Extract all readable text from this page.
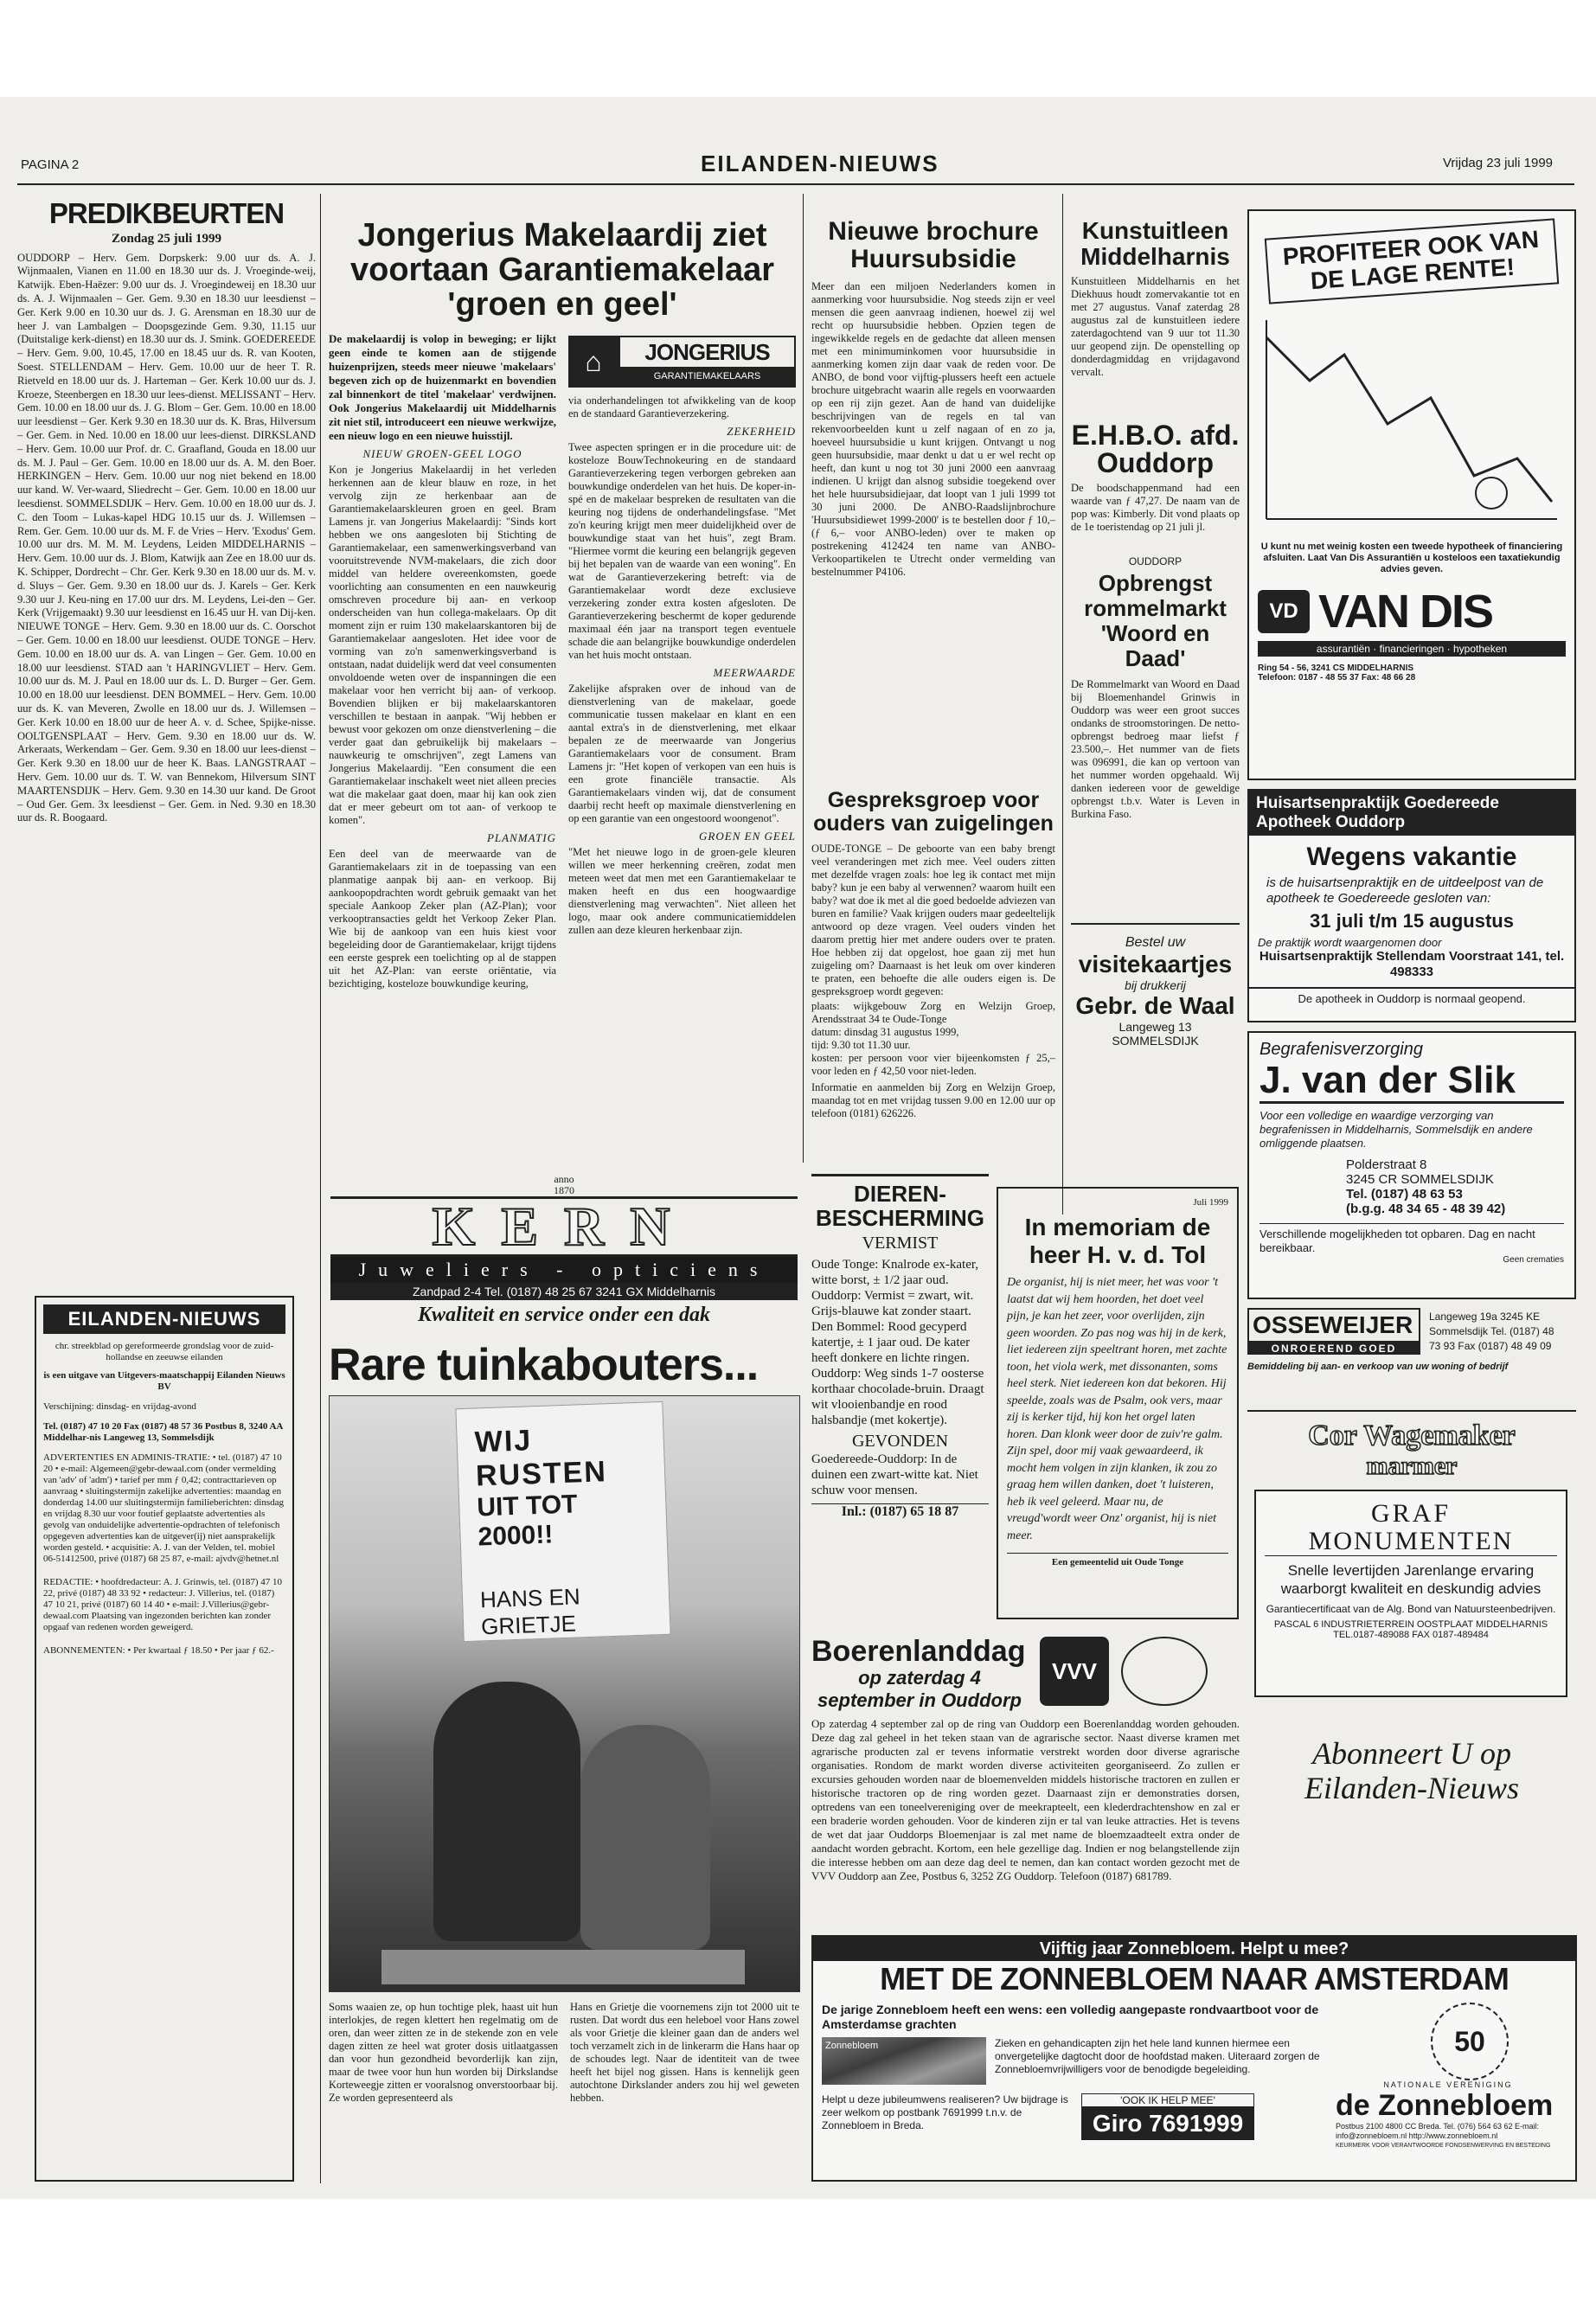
PAGINA 2	EILANDEN-NIEUWS	Vrijdag 23 juli 1999
PREDIKBEURTEN
Zondag 25 juli 1999
OUDDORP – Herv. Gem. Dorpskerk: 9.00 uur ds. A. J. Wijnmaalen, Vianen en 11.00 en 18.30 uur ds. J. Vroeginde-weij, Katwijk. Eben-Haëzer: 9.00 uur ds. J. Vroegindeweij en 18.30 uur ds. A. J. Wijnmaalen – Ger. Gem. 9.30 en 18.30 uur leesdienst – Ger. Kerk 9.00 en 10.30 uur ds. J. G. Arensman en 18.30 uur de heer J. van Lambalgen – Doopsgezinde Gem. 9.30, 11.15 uur (Duitstalige kerk-dienst) en 18.30 uur ds. J. Smink. GOEDEREEDE – Herv. Gem. 9.00, 10.45, 17.00 en 18.45 uur ds. R. van Kooten, Soest. STELLENDAM – Herv. Gem. 10.00 uur de heer T. R. Rietveld en 18.00 uur ds. J. Harteman – Ger. Kerk 10.00 uur ds. J. Kroeze, Steenbergen en 18.30 uur lees-dienst. MELISSANT – Herv. Gem. 10.00 en 18.00 uur ds. J. G. Blom – Ger. Gem. 10.00 en 18.00 uur leesdienst – Ger. Kerk 9.30 en 18.30 uur ds. K. Bras, Hilversum – Ger. Gem. in Ned. 10.00 en 18.00 uur lees-dienst. DIRKSLAND – Herv. Gem. 10.00 uur Prof. dr. C. Graafland, Gouda en 18.00 uur ds. M. J. Paul – Ger. Gem. 10.00 en 18.00 uur ds. A. M. den Boer. HERKINGEN – Herv. Gem. 10.00 uur nog niet bekend en 18.00 uur kand. W. Ver-waard, Sliedrecht – Ger. Gem. 10.00 en 18.00 uur leesdienst. SOMMELSDIJK – Herv. Gem. 10.00 en 18.00 uur ds. J. C. den Toom – Lukas-kapel HDG 10.15 uur ds. J. Willemsen – Rem. Ger. Gem. 10.00 uur ds. M. F. de Vries – Herv. 'Exodus' Gem. 10.00 uur drs. M. M. M. Leydens, Leiden MIDDELHARNIS – Herv. Gem. 10.00 uur ds. J. Blom, Katwijk aan Zee en 18.00 uur ds. K. Schipper, Dordrecht – Chr. Ger. Kerk 9.30 en 18.00 uur ds. M. v. d. Sluys – Ger. Gem. 9.30 en 18.00 uur ds. J. Karels – Ger. Kerk 9.30 uur J. Keu-ning en 17.00 uur drs. M. Leydens, Lei-den – Ger. Kerk (Vrijgemaakt) 9.30 uur leesdienst en 16.45 uur H. van Dij-ken. NIEUWE TONGE – Herv. Gem. 9.30 en 18.00 uur ds. C. Oorschot – Ger. Gem. 10.00 en 18.00 uur leesdienst. OUDE TONGE – Herv. Gem. 10.00 en 18.00 uur ds. A. van Lingen – Ger. Gem. 10.00 en 18.00 uur leesdienst. STAD aan 't HARINGVLIET – Herv. Gem. 10.00 uur ds. M. J. Paul en 18.00 uur ds. L. D. Burger – Ger. Gem. 10.00 en 18.00 uur leesdienst. DEN BOMMEL – Herv. Gem. 10.00 uur ds. K. van Meveren, Zwolle en 18.00 uur ds. J. Willemsen – Ger. Kerk 10.00 en 18.00 uur de heer A. v. d. Schee, Spijke-nisse. OOLTGENSPLAAT – Herv. Gem. 9.30 en 18.00 uur ds. W. Arkeraats, Werkendam – Ger. Gem. 9.30 en 18.00 uur lees-dienst – Ger. Kerk 9.30 en 18.00 uur de heer K. Baas. LANGSTRAAT – Herv. Gem. 10.00 uur ds. T. W. van Bennekom, Hilversum SINT MAARTENSDIJK – Herv. Gem. 9.30 en 14.30 uur kand. De Groot – Oud Ger. Gem. 3x leesdienst – Ger. Gem. in Ned. 9.30 en 18.30 uur ds. R. Boogaard.
EILANDEN-NIEUWS
chr. streekblad op gereformeerde grondslag voor de zuid-hollandse en zeeuwse eilanden
is een uitgave van Uitgevers-maatschappij Eilanden Nieuws BV
Verschijning: dinsdag- en vrijdag-avond
Tel. (0187) 47 10 20 Fax (0187) 48 57 36 Postbus 8, 3240 AA Middelhar-nis Langeweg 13, Sommelsdijk
ADVERTENTIES EN ADMINIS-TRATIE: • tel. (0187) 47 10 20 • e-mail: Algemeen@gebr-dewaal.com (onder vermelding van 'adv' of 'adm') • tarief per mm ƒ 0,42; contracttarieven op aanvraag • sluitingstermijn zakelijke advertenties: maandag en donderdag 14.00 uur sluitingstermijn familieberichten: dinsdag en vrijdag 8.30 uur voor foutief geplaatste advertenties als gevolg van onduidelijke advertentie-opdrachten of telefonisch opgegeven advertenties kan de uitgever(ij) niet aansprakelijk worden gesteld. • acquisitie: A. J. van der Velden, tel. mobiel 06-51412500, privé (0187) 68 25 87, e-mail: ajvdv@hetnet.nl
REDACTIE: • hoofdredacteur: A. J. Grinwis, tel. (0187) 47 10 22, privé (0187) 48 33 92 • redacteur: J. Villerius, tel. (0187) 47 10 21, privé (0187) 60 14 40 • e-mail: J.Villerius@gebr-dewaal.com Plaatsing van ingezonden berichten kan zonder opgaaf van redenen worden geweigerd.
ABONNEMENTEN: • Per kwartaal ƒ 18.50 • Per jaar ƒ 62.-
Jongerius Makelaardij ziet voortaan Garantiemakelaar 'groen en geel'
De makelaardij is volop in beweging; er lijkt geen einde te komen aan de stijgende huizenprijzen, steeds meer nieuwe 'makelaars' begeven zich op de huizenmarkt en bovendien zal binnenkort de titel 'makelaar' verdwijnen. Ook Jongerius Makelaardij uit Middelharnis zit niet stil, introduceert een nieuwe werkwijze, een nieuw logo en een nieuwe huisstijl.
NIEUW GROEN-GEEL LOGO
Kon je Jongerius Makelaardij in het verleden herkennen aan de kleur blauw en roze, in het vervolg zijn ze herkenbaar aan de Garantiemakelaarskleuren groen en geel. Bram Lamens jr. van Jongerius Makelaardij: "Sinds kort hebben we ons aangesloten bij Stichting de Garantiemakelaar, een samenwerkingsverband van vooruitstrevende NVM-makelaars, die zich door middel van heldere overeenkomsten, goede voorlichting aan consumenten en een nauwkeurig omschreven procedure bij aan- en verkoop onderscheiden van hun collega-makelaars. Op dit moment zijn er ruim 130 makelaarskantoren bij de Garantiemakelaar aangesloten. Het idee voor de vorming van zo'n samenwerkingsverband is ontstaan, nadat duidelijk werd dat veel consumenten onvoldoende weten over de inspanningen die een makelaar voor hen verricht bij aan- of verkoop. Bovendien blijken er bij makelaarskantoren verschillen te bestaan in aanpak. "Wij hebben er bewust voor gekozen om onze dienstverlening – die verder gaat dan gebruikelijk bij makelaars – nauwkeurig te omschrijven", zegt Lamens van Jongerius Makelaardij. "Een consument die een Garantiemakelaar inschakelt weet niet alleen precies wat die makelaar gaat doen, maar hij kan ook zien dat er meer gebeurt om tot aan- of verkoop te komen".
PLANMATIG
Een deel van de meerwaarde van de Garantiemakelaars zit in de toepassing van een planmatige aanpak bij aan- en verkoop. Bij aankoopopdrachten wordt gebruik gemaakt van het speciale Aankoop Zeker plan (AZ-Plan); voor verkooptransacties geldt het Verkoop Zeker Plan. Wie bij de aankoop van een huis kiest voor begeleiding door de Garantiemakelaar, krijgt tijdens een eerste gesprek een toelichting op al de stappen uit het AZ-Plan: van eerste oriëntatie, via bezichtiging, kosteloze bouwkundige keuring,
⌂	JONGERIUS
GARANTIEMAKELAARS
via onderhandelingen tot afwikkeling van de koop en de standaard Garantieverzekering.
ZEKERHEID
Twee aspecten springen er in die procedure uit: de kosteloze BouwTechnokeuring en de standaard Garantieverzekering tegen verborgen gebreken aan bouwkundige onderdelen van het huis. De koper-in-spé en de makelaar bespreken de resultaten van die keuring nog tijdens de onderhandelingsfase. "Met zo'n keuring krijgt men meer duidelijkheid over de bouwkundige staat van het huis", zegt Bram. "Hiermee vormt die keuring een belangrijk gegeven bij het bepalen van de waarde van een woning". En wat de Garantieverzekering betreft: via de Garantiemakelaar wordt deze exclusieve verzekering zonder extra kosten afgesloten. De Garantieverzekering beschermt de koper gedurende maximaal één jaar na transport tegen eventuele schade die aan belangrijke bouwkundige onderdelen van het huis mocht ontstaan.
MEERWAARDE
Zakelijke afspraken over de inhoud van de dienstverlening van de makelaar, goede communicatie tussen makelaar en klant en een aantal extra's in de dienstverlening, met elkaar bepalen ze de meerwaarde van Jongerius Garantiemakelaars voor de consument. Bram Lamens jr: "Het kopen of verkopen van een huis is een grote financiële transactie. Als Garantiemakelaars vinden wij, dat de consument daarbij recht heeft op maximale dienstverlening en op een garantie van een ongestoord woongenot".
GROEN EN GEEL
"Met het nieuwe logo in de groen-gele kleuren willen we meer herkenning creëren, zodat men meteen weet dat men met een Garantiemakelaar te maken heeft en dus een hoogwaardige dienstverlening mag verwachten". Niet alleen het logo, maar ook andere communicatiemiddelen zullen aan deze kleuren herkenbaar zijn.
Nieuwe brochure Huursubsidie
Meer dan een miljoen Nederlanders komen in aanmerking voor huursubsidie. Nog steeds zijn er veel mensen die geen aanvraag indienen, hoewel zij wel recht op huursubsidie hebben. Opzien tegen de ingewikkelde regels en de gedachte dat alleen mensen met een minimuminkomen voor huursubsidie in aanmerking komen zijn daar vaak de reden voor. De ANBO, de bond voor vijftig-plussers heeft een actuele brochure uitgebracht waarin alle regels en voorwaarden op een rij zijn gezet. Aan de hand van duidelijke beschrijvingen van de regels en tal van rekenvoorbeelden kunt u zelf nagaan of en zo ja, hoeveel huursubsidie u kunt krijgen. Ontvangt u nog geen huursubsidie, maar denkt u dat u er wel recht op heeft, dan kunt u nog tot 30 juni 2000 een aanvraag indienen. U krijgt dan alsnog subsidie toegekend over het hele huursubsidiejaar, dat loopt van 1 juli 1999 tot 30 juni 2000. De ANBO-Raadslijnbrochure 'Huursubsidiewet 1999-2000' is te bestellen door ƒ 10,– (ƒ 6,– voor ANBO-leden) over te maken op postrekening 412424 ten name van ANBO-Verkoopartikelen te Utrecht onder vermelding van bestelnummer P4106.
Gespreksgroep voor ouders van zuigelingen
OUDE-TONGE – De geboorte van een baby brengt veel veranderingen met zich mee. Veel ouders zitten met dezelfde vragen zoals: hoe leg ik contact met mijn baby? kun je een baby al verwennen? waarom huilt een baby? wat doe ik met al die goed bedoelde adviezen van buren en familie? Vaak krijgen ouders maar gedeeltelijk antwoord op deze vragen. Veel ouders vinden het daarom prettig hier met andere ouders over te praten. Hoe hebben zij dat opgelost, hoe gaan zij met hun zuigeling om? Daarnaast is het leuk om over kinderen te praten, een behoefte die alle ouders eigen is. De gespreksgroep wordt gegeven:
plaats: wijkgebouw Zorg en Welzijn Groep, Arendsstraat 34 te Oude-Tonge
datum: dinsdag 31 augustus 1999,
tijd: 9.30 tot 11.30 uur.
kosten: per persoon voor vier bijeenkomsten ƒ 25,– voor leden en ƒ 42,50 voor niet-leden.
Informatie en aanmelden bij Zorg en Welzijn Groep, maandag tot en met vrijdag tussen 9.00 en 12.00 uur op telefoon (0181) 626226.
Kunstuitleen Middelharnis
Kunstuitleen Middelharnis en het Diekhuus houdt zomervakantie tot en met 27 augustus. Vanaf zaterdag 28 augustus zal de kunstuitleen iedere zaterdagochtend van 9 uur tot 11.30 uur geopend zijn. De openstelling op donderdagmiddag en vrijdagavond vervalt.
E.H.B.O. afd. Ouddorp
De boodschappenmand had een waarde van ƒ 47,27. De naam van de pop was: Kimberly. Dit vond plaats op de 1e toeristendag op 21 juli jl.
OUDDORP
Opbrengst rommelmarkt 'Woord en Daad'
De Rommelmarkt van Woord en Daad bij Bloemenhandel Grinwis in Ouddorp was weer een groot succes ondanks de stroomstoringen. De netto-opbrengst bedroeg maar liefst ƒ 23.500,–. Het nummer van de fiets was 096991, die kan op vertoon van het nummer worden opgehaald. Wij danken iedereen voor de geweldige opbrengst t.b.v. Water is Leven in Burkina Faso.
Bestel uw
visitekaartjes
bij drukkerij
Gebr. de Waal
Langeweg 13
SOMMELSDIJK
PROFITEER OOK VAN DE LAGE RENTE!
U kunt nu met weinig kosten een tweede hypotheek of financiering afsluiten. Laat Van Dis Assurantiën u kosteloos een taxatiekundig advies geven.
VD VAN DIS
assurantiën · financieringen · hypotheken
Ring 54 - 56, 3241 CS MIDDELHARNIS
Telefoon: 0187 - 48 55 37 Fax: 48 66 28
Huisartsenpraktijk Goedereede Apotheek Ouddorp
Wegens vakantie
is de huisartsenpraktijk en de uitdeelpost van de apotheek te Goedereede gesloten van:
31 juli t/m 15 augustus
De praktijk wordt waargenomen door
Huisartsenpraktijk Stellendam Voorstraat 141, tel. 498333
De apotheek in Ouddorp is normaal geopend.
Begrafenisverzorging
J. van der Slik
Voor een volledige en waardige verzorging van begrafenissen in Middelharnis, Sommelsdijk en andere omliggende plaatsen.
Polderstraat 8
3245 CR SOMMELSDIJK
Tel. (0187) 48 63 53
(b.g.g. 48 34 65 - 48 39 42)
Verschillende mogelijkheden tot opbaren. Dag en nacht bereikbaar.
Geen crematies
anno
1870
KERN
Juweliers - opticiens
Zandpad 2-4 Tel. (0187) 48 25 67 3241 GX Middelharnis
Kwaliteit en service onder een dak
Rare tuinkabouters...
WIJ RUSTEN
UIT TOT 2000!!
HANS EN GRIETJE
Soms waaien ze, op hun tochtige plek, haast uit hun interlokjes, de regen klettert hen regelmatig om de oren, dan weer zitten ze in de stekende zon en vele dagen zitten ze heel wat groter dosis uitlaatgassen dan voor hun gezondheid bevorderlijk kan zijn, maar de twee voor hun hun worden bij Dirkslandse Korteweegje zitten er vooralsnog onverstoorbaar bij. Ze worden gepresenteerd als
Hans en Grietje die voornemens zijn tot 2000 uit te rusten. Dat wordt dus een heleboel voor Hans zowel als voor Grietje die kleiner gaan dan de anders wel toch verzamelt zich in de linkerarm die Hans haar op de schoudes legt. Naar de identiteit van de twee heeft het bijel nog gissen. Hans is kennelijk geen autochtone Dirkslander anders zou hij wel geweten hebben.
DIEREN-BESCHERMING
VERMIST
Oude Tonge: Knalrode ex-kater, witte borst, ± 1/2 jaar oud. Ouddorp: Vermist = zwart, wit. Grijs-blauwe kat zonder staart. Den Bommel: Rood gecyperd katertje, ± 1 jaar oud. De kater heeft donkere en lichte ringen. Ouddorp: Weg sinds 1-7 oosterse korthaar chocolade-bruin. Draagt wit vlooienbandje en rood halsbandje (met kokertje).
GEVONDEN
Goedereede-Ouddorp: In de duinen een zwart-witte kat. Niet schuw voor mensen.
Inl.: (0187) 65 18 87
Juli 1999
In memoriam de heer H. v. d. Tol
De organist, hij is niet meer, het was voor 't laatst dat wij hem hoorden, het doet veel pijn, je kan het zeer, voor overlijden, zijn geen woorden. Zo pas nog was hij in de kerk, liet iedereen zijn speeltrant horen, met zachte toon, het viola werk, met dissonanten, soms heel sterk. Niet iedereen kon dat bekoren. Hij speelde, zoals was de Psalm, ook vers, maar zij is kerker tijd, hij kon het orgel laten horen. Dan klonk weer door de zuiv're galm. Zijn spel, door mij vaak gewaardeerd, ik mocht hem volgen in zijn klanken, ik zou zo graag hem willen danken, doet 't luisteren, heb ik veel geleerd. Maar nu, de vreugd'wordt weer Onz' organist, hij is niet meer.
Een gemeentelid uit Oude Tonge
Boerenlanddag
op zaterdag 4 september in Ouddorp
VVV
Op zaterdag 4 september zal op de ring van Ouddorp een Boerenlanddag worden gehouden. Deze dag zal geheel in het teken staan van de agrarische sector. Naast diverse kramen met agrarische producten zal er tevens informatie verstrekt worden door diverse agrarische organisaties. Rondom de markt worden diverse activiteiten georganiseerd. Zo zullen er excursies gehouden worden naar de bloemenvelden middels historische tractoren en zullen er historische tractoren op de ring worden gezet. Daarnaast zijn er demonstraties dorsen, optredens van een toneelvereniging over de meekrapteelt, een klederdrachtenshow en zal er een braderie worden gehouden. Voor de kinderen zijn er tal van leuke attracties. Het is tevens de wet dat jaar Ouddorps Bloemenjaar is zal met name de bloemzaadteelt extra onder de aandacht worden gebracht. Kortom, een hele gezellige dag. Indien er nog belangstellende zijn die interesse hebben om aan deze dag deel te nemen, dan kan contact worden gezocht met de VVV Ouddorp aan Zee, Postbus 6, 3252 ZG Ouddorp. Telefoon (0187) 681789.
OSSEWEIJER
ONROEREND GOED
Langeweg 19a 3245 KE Sommelsdijk Tel. (0187) 48 73 93 Fax (0187) 48 49 09
Bemiddeling bij aan- en verkoop van uw woning of bedrijf
Cor Wagemaker
marmer
GRAF
MONUMENTEN
Snelle levertijden Jarenlange ervaring waarborgt kwaliteit en deskundig advies
Garantiecertificaat van de Alg. Bond van Natuursteenbedrijven.
PASCAL 6 INDUSTRIETERREIN OOSTPLAAT MIDDELHARNIS
TEL.0187-489088 FAX 0187-489484
Abonneert U op
Eilanden-Nieuws
Vijftig jaar Zonnebloem. Helpt u mee?
MET DE ZONNEBLOEM NAAR AMSTERDAM
De jarige Zonnebloem heeft een wens: een volledig aangepaste rondvaartboot voor de Amsterdamse grachten
Zonnebloem	Zieken en gehandicapten zijn het hele land kunnen hiermee een onvergetelijke dagtocht door de hoofdstad maken. Uiteraard zorgen de Zonnebloemvrijwilligers voor de benodigde begeleiding.
Helpt u deze jubileumwens realiseren? Uw bijdrage is zeer welkom op postbank 7691999 t.n.v. de Zonnebloem in Breda.
'OOK IK HELP MEE'
Giro 7691999
50
NATIONALE VERENIGING
de Zonnebloem
Postbus 2100 4800 CC Breda. Tel. (076) 564 63 62 E-mail: info@zonnebloem.nl http://www.zonnebloem.nl
KEURMERK VOOR VERANTWOORDE FONDSENWERVING EN BESTEDING
